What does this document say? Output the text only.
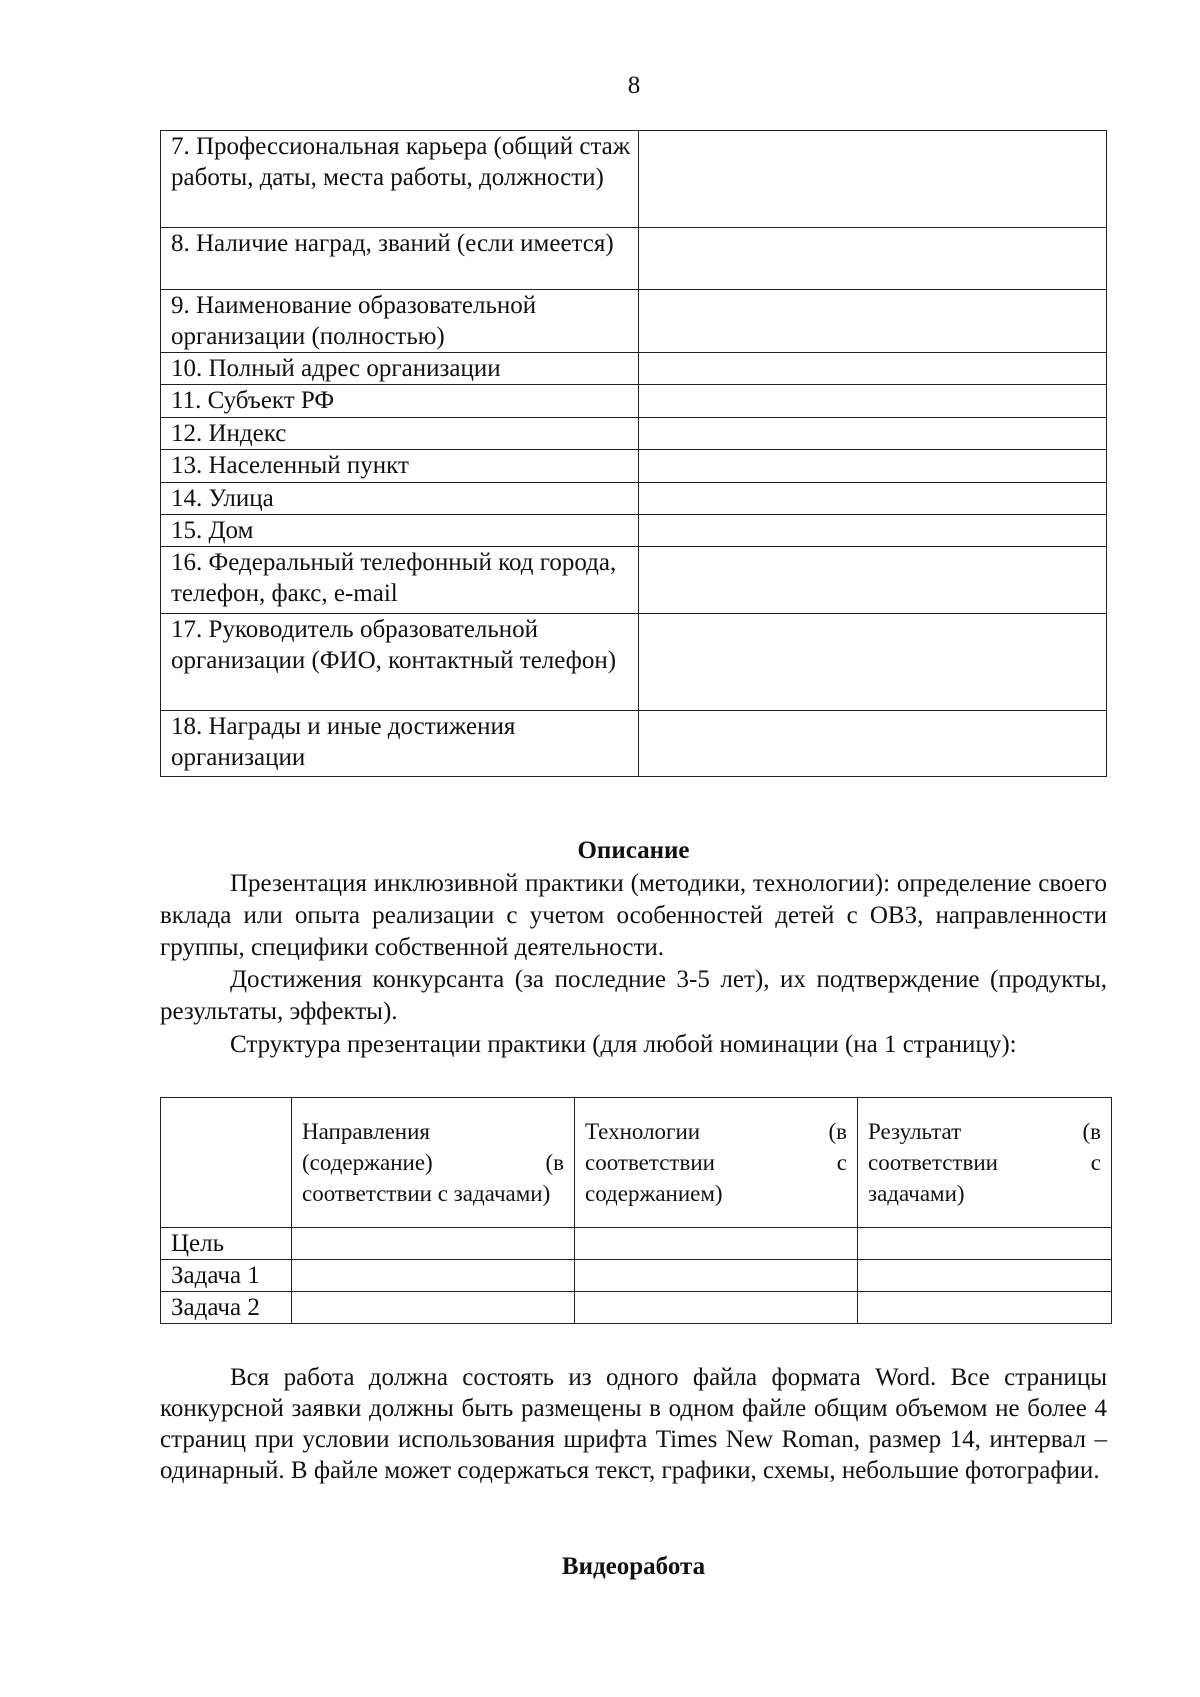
8
7. Профессиональная карьера (общий стаж работы, даты, места работы, должности)	
8. Наличие наград, званий (если имеется)	
9. Наименование образовательной организации (полностью)	
10. Полный адрес организации	
11. Субъект РФ	
12. Индекс	
13. Населенный пункт	
14. Улица	
15. Дом	
16. Федеральный телефонный код города, телефон, факс, e-mail	
17. Руководитель образовательной организации (ФИО, контактный телефон)	
18. Награды и иные достижения организации	
Описание

Презентация инклюзивной практики (методики, технологии): определение своего вклада или опыта реализации с учетом особенностей детей с ОВЗ, направленности группы, специфики собственной деятельности.

Достижения конкурсанта (за последние 3-5 лет), их подтверждение (продукты, результаты, эффекты).

Структура презентации практики (для любой номинации (на 1 страницу):

	Направления (содержание) (в соответствии с задачами)	Технологии (в соответствии с содержанием)	Результат (в соответствии с задачами)
Цель			
Задача 1			
Задача 2			

Вся работа должна состоять из одного файла формата Word. Все страницы конкурсной заявки должны быть размещены в одном файле общим объемом не более 4 страниц при условии использования шрифта Times New Roman, размер 14, интервал – одинарный. В файле может содержаться текст, графики, схемы, небольшие фотографии.

Видеоработа
